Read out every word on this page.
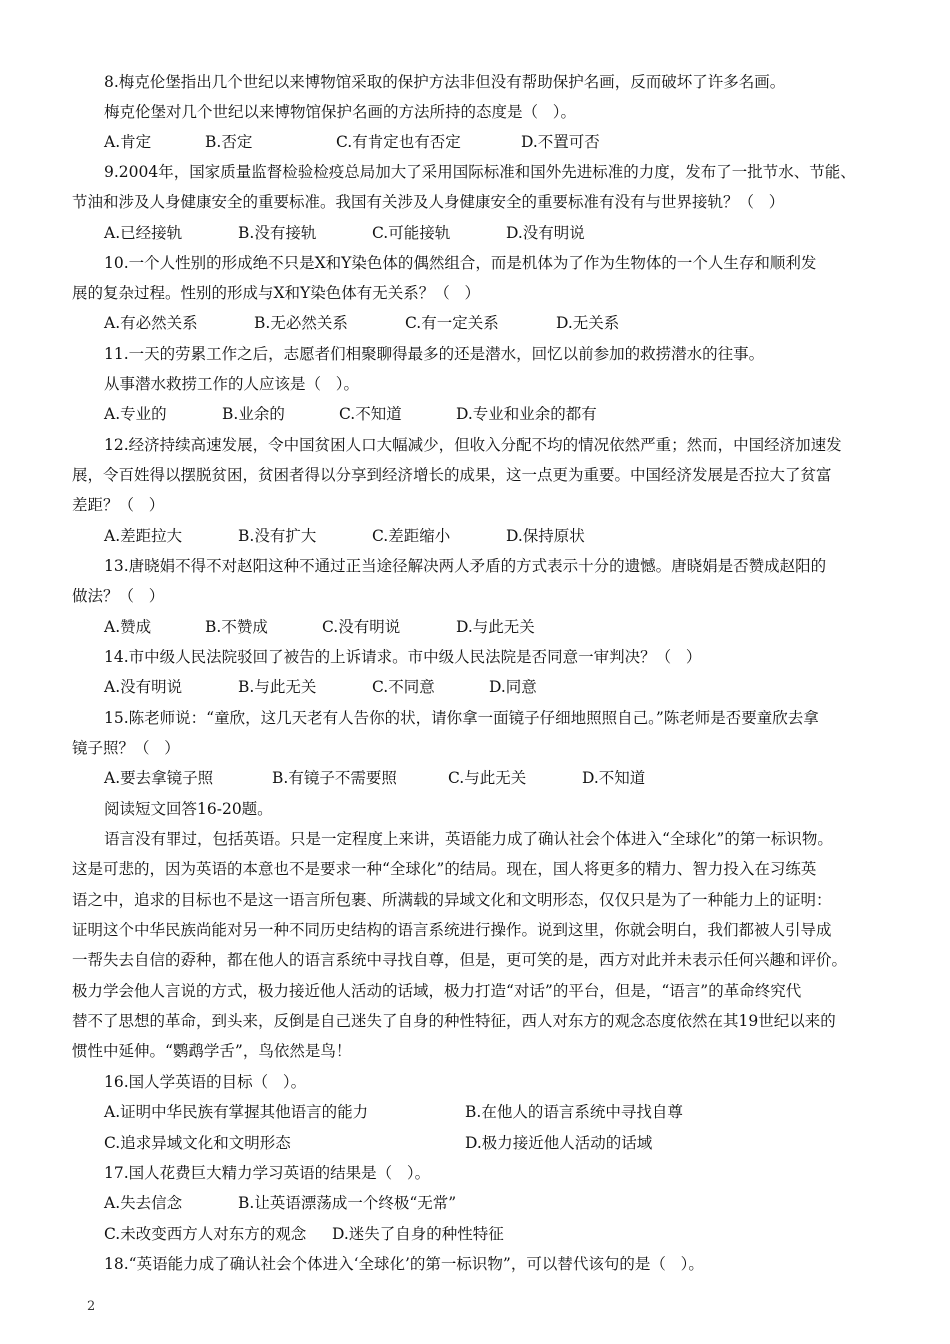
8.梅克伦堡指出几个世纪以来博物馆采取的保护方法非但没有帮助保护名画，反而破坏了许多名画。
梅克伦堡对几个世纪以来博物馆保护名画的方法所持的态度是（   ）。
A.肯定	B.否定	C.有肯定也有否定	D.不置可否
9.2004年，国家质量监督检验检疫总局加大了采用国际标准和国外先进标准的力度，发布了一批节水、节能、
节油和涉及人身健康安全的重要标准。我国有关涉及人身健康安全的重要标准有没有与世界接轨？（   ）
A.已经接轨	B.没有接轨	C.可能接轨	D.没有明说
10.一个人性别的形成绝不只是X和Y染色体的偶然组合，而是机体为了作为生物体的一个人生存和顺利发
展的复杂过程。性别的形成与X和Y染色体有无关系？（   ）
A.有必然关系	B.无必然关系	C.有一定关系	D.无关系
11.一天的劳累工作之后，志愿者们相聚聊得最多的还是潜水，回忆以前参加的救捞潜水的往事。
从事潜水救捞工作的人应该是（   ）。
A.专业的	B.业余的	C.不知道	D.专业和业余的都有
12.经济持续高速发展，令中国贫困人口大幅减少，但收入分配不均的情况依然严重；然而，中国经济加速发
展，令百姓得以摆脱贫困，贫困者得以分享到经济增长的成果，这一点更为重要。中国经济发展是否拉大了贫富
差距？（   ）
A.差距拉大	B.没有扩大	C.差距缩小	D.保持原状
13.唐晓娟不得不对赵阳这种不通过正当途径解决两人矛盾的方式表示十分的遗憾。唐晓娟是否赞成赵阳的
做法？（   ）
A.赞成	B.不赞成	C.没有明说	D.与此无关
14.市中级人民法院驳回了被告的上诉请求。市中级人民法院是否同意一审判决？（   ）
A.没有明说	B.与此无关	C.不同意	D.同意
15.陈老师说：“童欣，这几天老有人告你的状，请你拿一面镜子仔细地照照自己。”陈老师是否要童欣去拿
镜子照？（   ）
A.要去拿镜子照	B.有镜子不需要照	C.与此无关	D.不知道
阅读短文回答16-20题。
语言没有罪过，包括英语。只是一定程度上来讲，英语能力成了确认社会个体进入“全球化”的第一标识物。
这是可悲的，因为英语的本意也不是要求一种“全球化”的结局。现在，国人将更多的精力、智力投入在习练英
语之中，追求的目标也不是这一语言所包裹、所满载的异域文化和文明形态，仅仅只是为了一种能力上的证明：
证明这个中华民族尚能对另一种不同历史结构的语言系统进行操作。说到这里，你就会明白，我们都被人引导成
一帮失去自信的孬种，都在他人的语言系统中寻找自尊，但是，更可笑的是，西方对此并未表示任何兴趣和评价。
极力学会他人言说的方式，极力接近他人活动的话域，极力打造“对话”的平台，但是，“语言”的革命终究代
替不了思想的革命，到头来，反倒是自己迷失了自身的种性特征，西人对东方的观念态度依然在其19世纪以来的
惯性中延伸。“鹦鹉学舌”，鸟依然是鸟！
16.国人学英语的目标（   ）。
A.证明中华民族有掌握其他语言的能力	B.在他人的语言系统中寻找自尊
C.追求异域文化和文明形态	D.极力接近他人活动的话域
17.国人花费巨大精力学习英语的结果是（   ）。
A.失去信念	B.让英语漂荡成一个终极“无常”
C.未改变西方人对东方的观念 D.迷失了自身的种性特征
18.“英语能力成了确认社会个体进入‘全球化’的第一标识物”，可以替代该句的是（   ）。
2
